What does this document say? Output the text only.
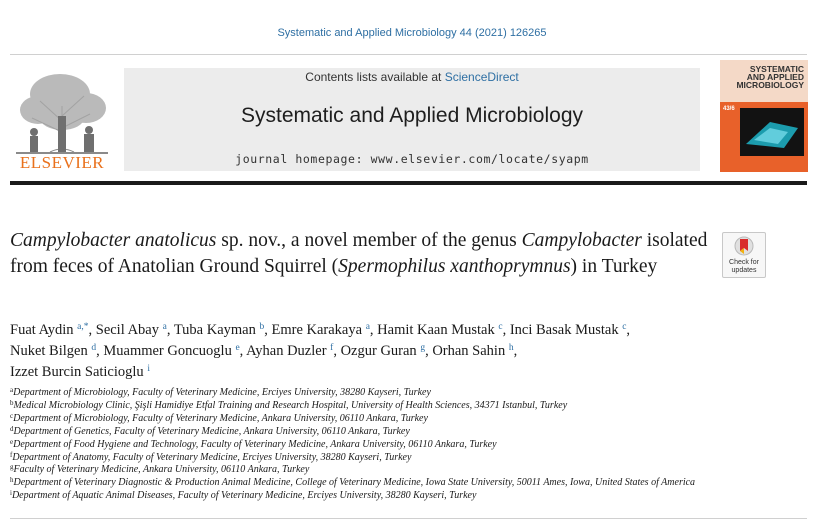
Systematic and Applied Microbiology 44 (2021) 126265
ELSEVIER
Contents lists available at ScienceDirect
Systematic and Applied Microbiology
journal homepage: www.elsevier.com/locate/syapm
SYSTEMATIC
AND APPLIED
MICROBIOLOGY
43/6
Campylobacter anatolicus sp. nov., a novel member of the genus Campylobacter isolated from feces of Anatolian Ground Squirrel (Spermophilus xanthoprymnus) in Turkey	Check for
updates
Fuat Aydin $^{a,*}$, Secil Abay $^a$, Tuba Kayman $^b$, Emre Karakaya $^a$, Hamit Kaan Mustak $^c$, Inci Basak Mustak $^c$,
Nuket Bilgen $^d$, Muammer Goncuoglu $^e$, Ayhan Duzler $^f$, Ozgur Guran $^g$, Orhan Sahin $^h$,
Izzet Burcin Saticioglu $^i$
$^a$Department of Microbiology, Faculty of Veterinary Medicine, Erciyes University, 38280 Kayseri, Turkey
$^b$Medical Microbiology Clinic, Şişli Hamidiye Etfal Training and Research Hospital, University of Health Sciences, 34371 Istanbul, Turkey
$^c$Department of Microbiology, Faculty of Veterinary Medicine, Ankara University, 06110 Ankara, Turkey
$^d$Department of Genetics, Faculty of Veterinary Medicine, Ankara University, 06110 Ankara, Turkey
$^e$Department of Food Hygiene and Technology, Faculty of Veterinary Medicine, Ankara University, 06110 Ankara, Turkey
$^f$Department of Anatomy, Faculty of Veterinary Medicine, Erciyes University, 38280 Kayseri, Turkey
$^g$Faculty of Veterinary Medicine, Ankara University, 06110 Ankara, Turkey
$^h$Department of Veterinary Diagnostic & Production Animal Medicine, College of Veterinary Medicine, Iowa State University, 50011 Ames, Iowa, United States of America
$^i$Department of Aquatic Animal Diseases, Faculty of Veterinary Medicine, Erciyes University, 38280 Kayseri, Turkey
